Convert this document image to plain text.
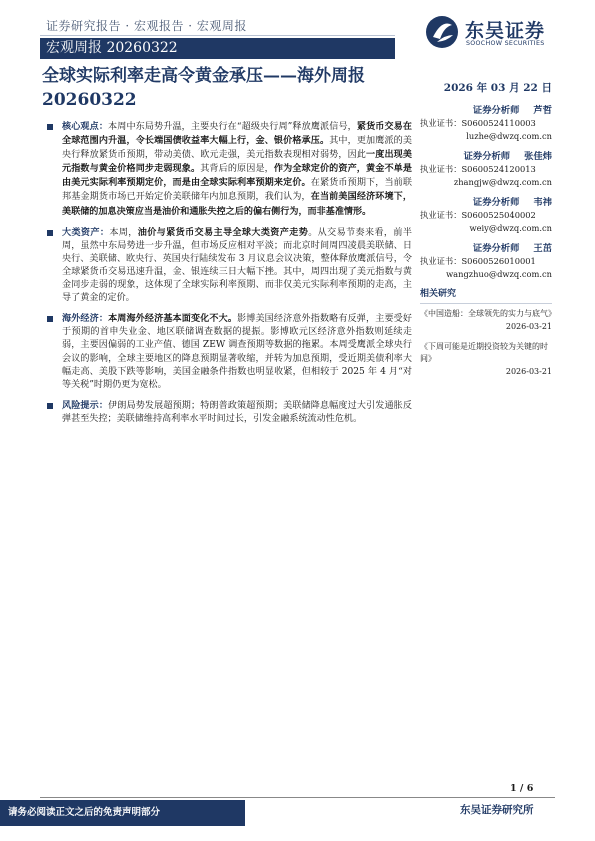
证券研究报告 · 宏观报告 · 宏观周报
宏观周报 20260322
东吴证券
SOOCHOW SECURITIES
全球实际利率走高令黄金承压——海外周报 20260322
2026 年 03 月 22 日
核心观点：本周中东局势升温，主要央行在“超级央行周”释放鹰派信号，紧货币交易在全球范围内升温，令长端国债收益率大幅上行，金、银价格承压。其中，更加鹰派的美央行释放紧货币预期，带动美债、欧元走强，美元指数表现相对弱势，因此一度出现美元指数与黄金价格同步走弱现象。其背后的原因是，作为全球定价的资产，黄金不单是由美元实际利率预期定价，而是由全球实际利率预期来定价。在紧货币预期下，当前联邦基金期货市场已开始定价美联储年内加息预期，我们认为，在当前美国经济环境下，美联储的加息决策应当是油价和通胀失控之后的偏右侧行为，而非基准情形。
大类资产：本周，油价与紧货币交易主导全球大类资产走势。从交易节奏来看，前半周，虽然中东局势进一步升温，但市场反应相对平淡；而北京时间周四凌晨美联储、日央行、美联储、欧央行、英国央行陆续发布 3 月议息会议决策，整体释放鹰派信号，令全球紧货币交易迅速升温，金、银连续三日大幅下挫。其中，周四出现了美元指数与黄金同步走弱的现象，这体现了全球实际利率预期、而非仅美元实际利率预期的走高，主导了黄金的定价。
海外经济：本周海外经济基本面变化不大。影博美国经济意外指数略有反弹，主要受好于预期的首申失业金、地区联储调查数据的提振。影博欧元区经济意外指数则延续走弱，主要因偏弱的工业产值、德国 ZEW 调查预期等数据的拖累。本周受鹰派全球央行会议的影响，全球主要地区的降息预期显著收缩，并转为加息预期，受近期美债利率大幅走高、美股下跌等影响，美国金融条件指数也明显收紧，但相较于 2025 年 4 月“对等关税”时期仍更为宽松。
风险提示：伊朗局势发展超预期；特朗普政策超预期；美联储降息幅度过大引发通胀反弹甚至失控；美联储维持高利率水平时间过长，引发金融系统流动性危机。
证券分析师 芦哲
执业证书：S0600524110003
luzhe@dwzq.com.cn
证券分析师 张佳炜
执业证书：S0600524120013
zhangjw@dwzq.com.cn
证券分析师 韦祎
执业证书：S0600525040002
weiy@dwzq.com.cn
证券分析师 王茁
执业证书：S0600526010001
wangzhuo@dwzq.com.cn
相关研究
《中国造船：全球领先的实力与底气》
2026-03-21
《下周可能是近期投资较为关键的时间》
2026-03-21
1 / 6
请务必阅读正文之后的免责声明部分	东吴证券研究所
